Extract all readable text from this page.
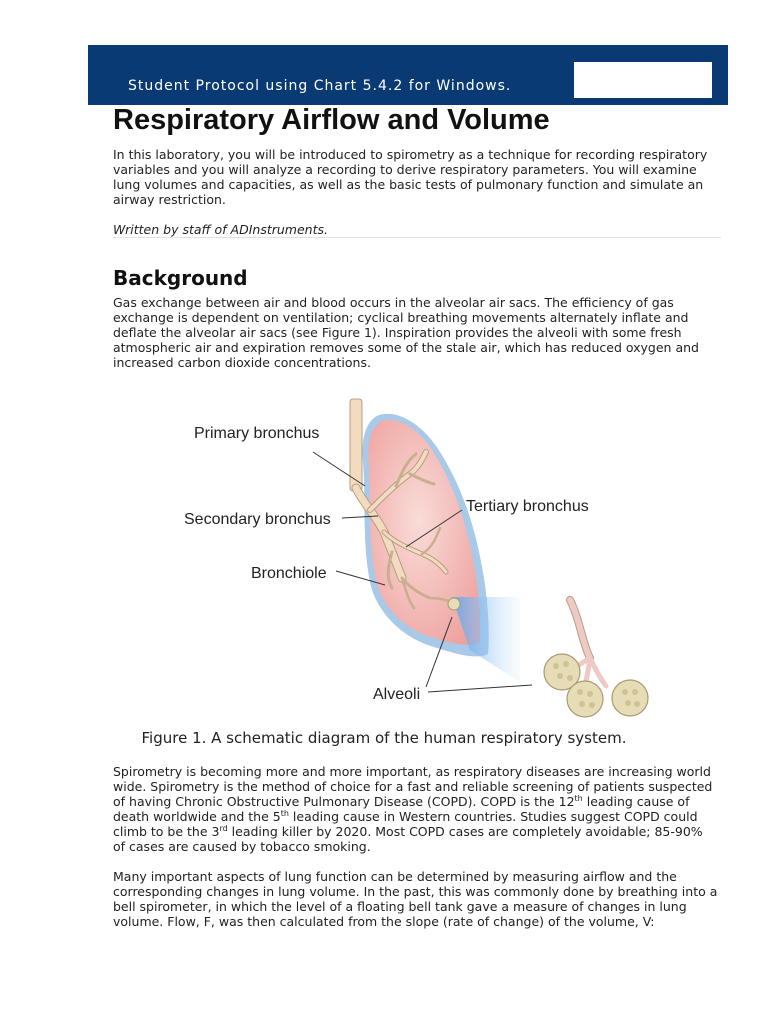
Student Protocol using Chart 5.4.2 for Windows.
Respiratory Airflow and Volume

In this laboratory, you will be introduced to spirometry as a technique for recording respiratory variables and you will analyze a recording to derive respiratory parameters. You will examine lung volumes and capacities, as well as the basic tests of pulmonary function and simulate an airway restriction.

Written by staff of ADInstruments.

Background

Gas exchange between air and blood occurs in the alveolar air sacs. The efficiency of gas exchange is dependent on ventilation; cyclical breathing movements alternately inflate and deflate the alveolar air sacs (see Figure 1). Inspiration provides the alveoli with some fresh atmospheric air and expiration removes some of the stale air, which has reduced oxygen and increased carbon dioxide concentrations.

Primary bronchus
Secondary bronchus
Tertiary bronchus
Bronchiole
Alveoli
Figure 1. A schematic diagram of the human respiratory system.
Spirometry is becoming more and more important, as respiratory diseases are increasing world
wide. Spirometry is the method of choice for a fast and reliable screening of patients suspected
of having Chronic Obstructive Pulmonary Disease (COPD). COPD is the 12th leading cause of
death worldwide and the 5th leading cause in Western countries. Studies suggest COPD could
climb to be the 3rd leading killer by 2020. Most COPD cases are completely avoidable; 85-90%
of cases are caused by tobacco smoking.

Many important aspects of lung function can be determined by measuring airflow and the corresponding changes in lung volume. In the past, this was commonly done by breathing into a bell spirometer, in which the level of a floating bell tank gave a measure of changes in lung volume. Flow, F, was then calculated from the slope (rate of change) of the volume, V:
